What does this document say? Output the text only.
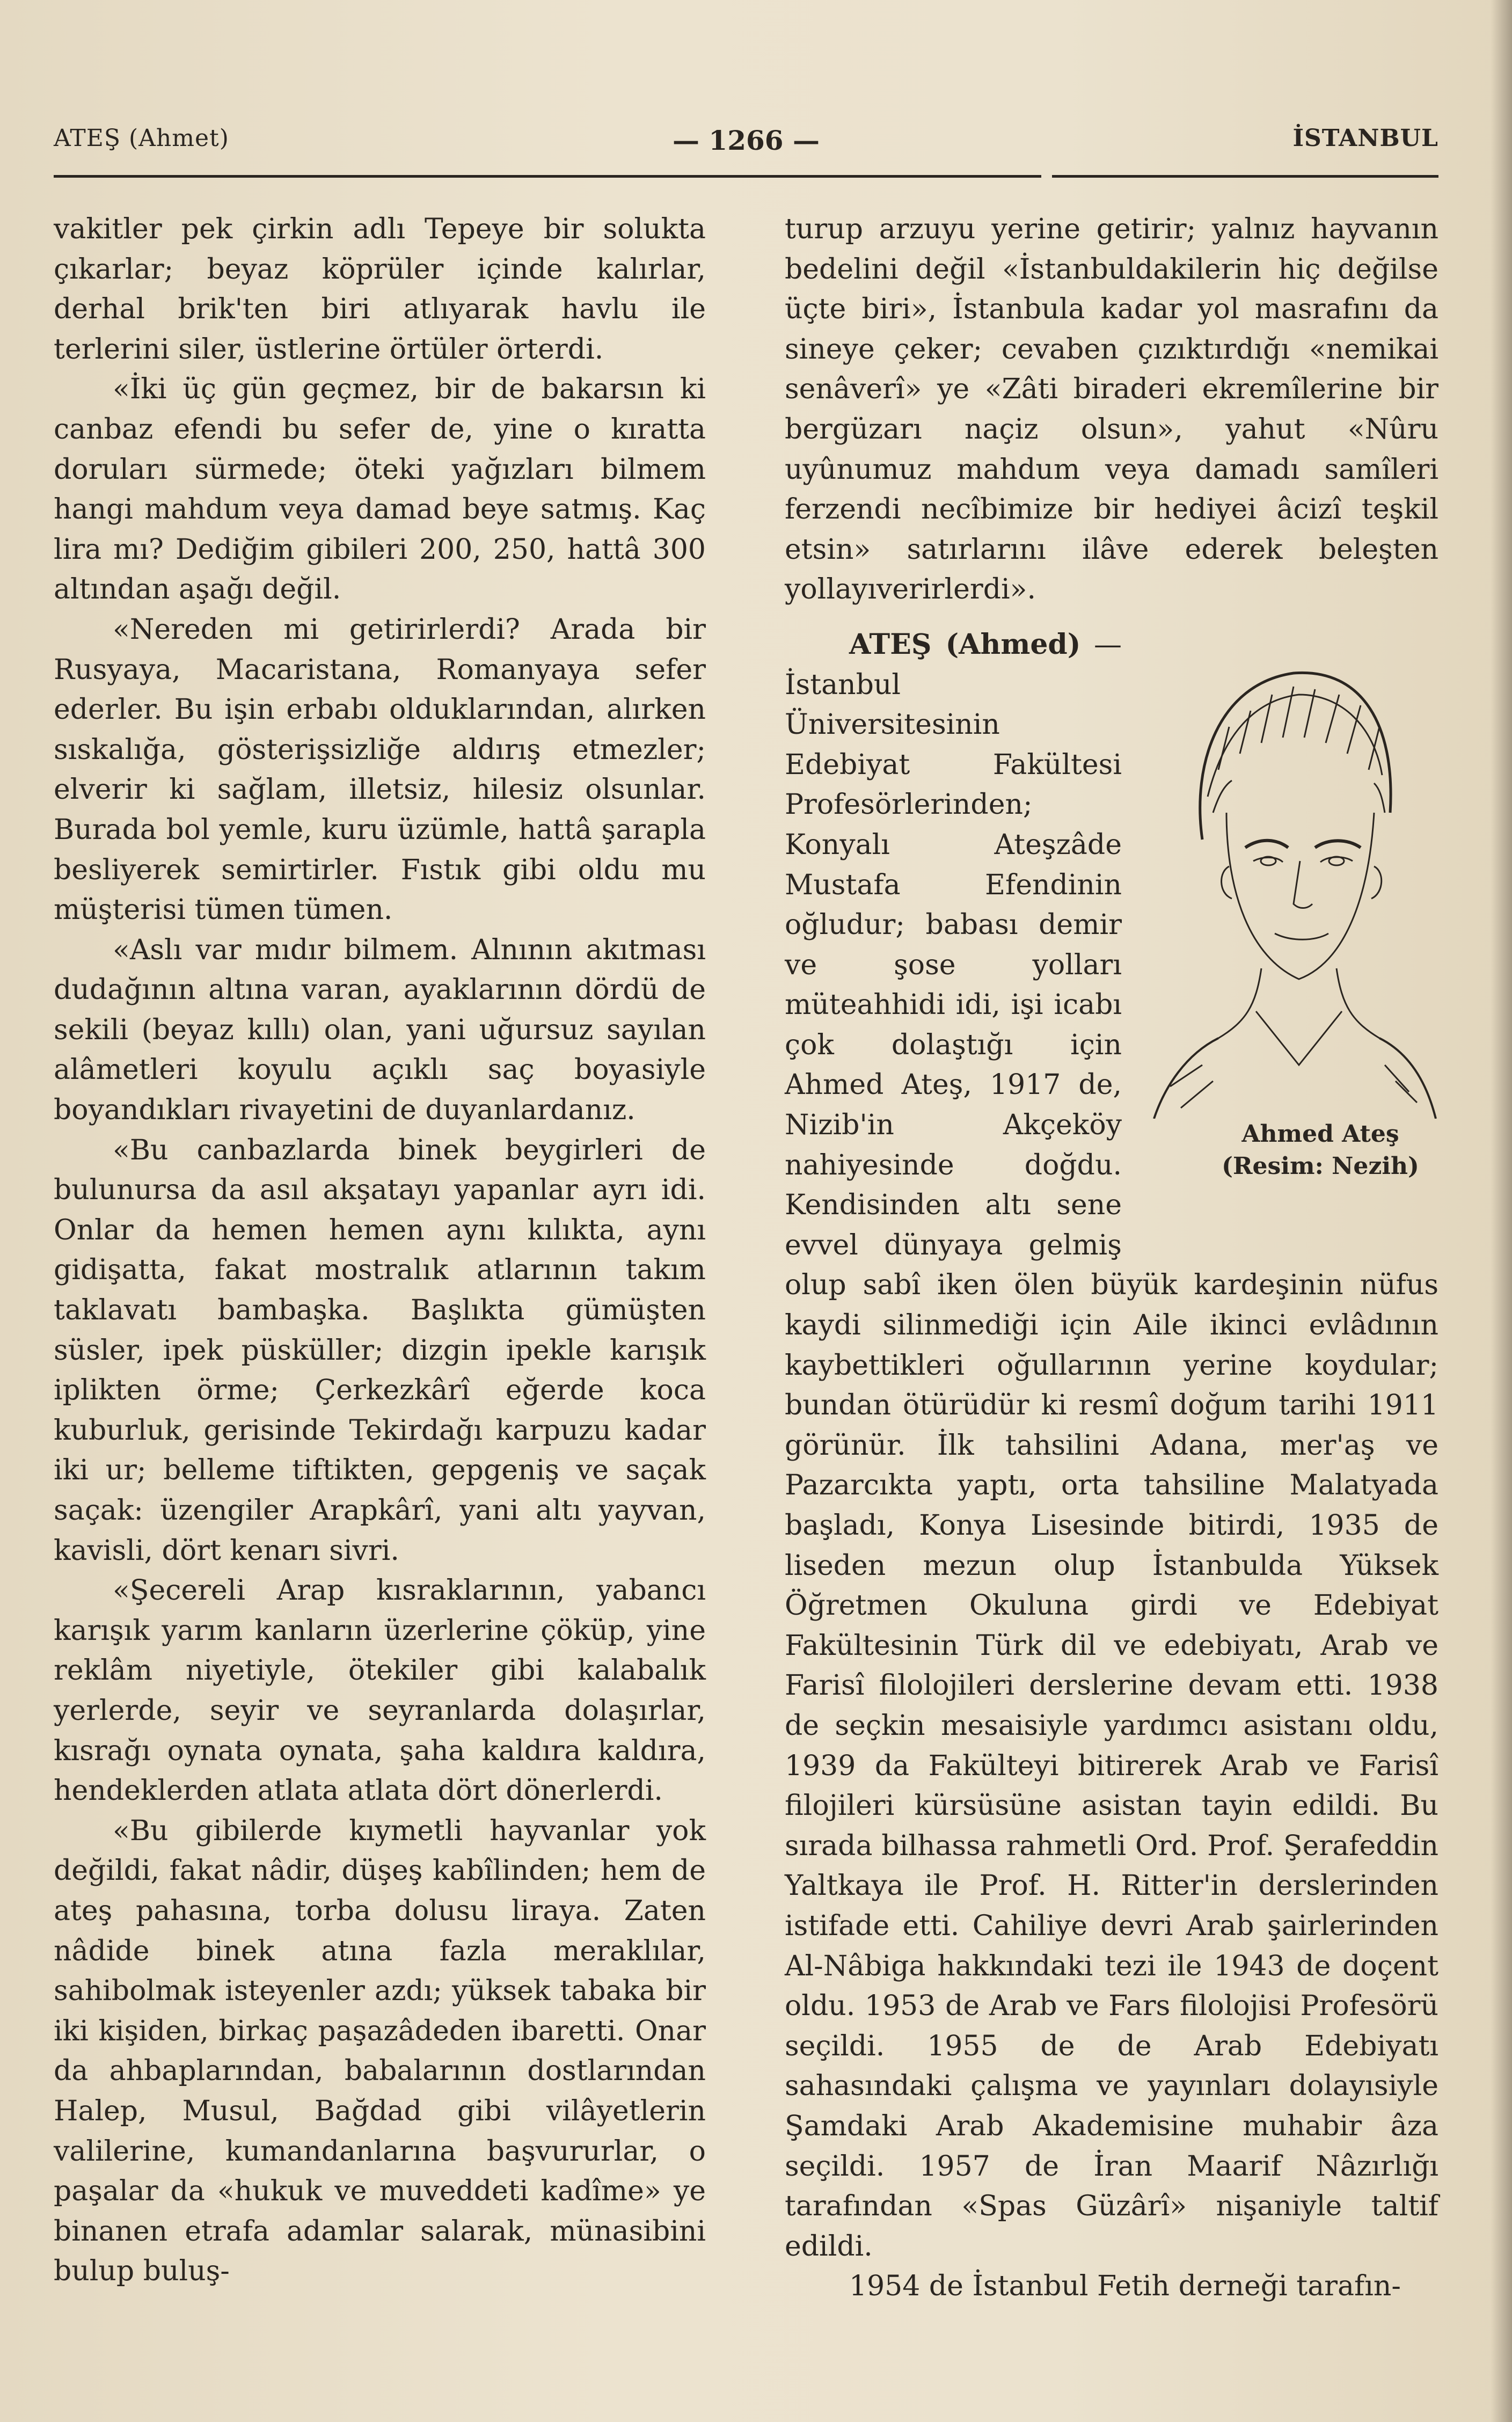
ATEŞ (Ahmet)	— 1266 —	İSTANBUL

vakitler pek çirkin adlı Tepeye bir solukta çıkarlar; beyaz köprüler içinde kalırlar, derhal brik'ten biri atlıyarak havlu ile terlerini siler, üstlerine örtüler örterdi.

«İki üç gün geçmez, bir de bakarsın ki canbaz efendi bu sefer de, yine o kıratta doruları sürmede; öteki yağızları bilmem hangi mahdum veya damad beye satmış. Kaç lira mı? Dediğim gibileri 200, 250, hattâ 300 altından aşağı değil.

«Nereden mi getirirlerdi? Arada bir Rusyaya, Macaristana, Romanyaya sefer ederler. Bu işin erbabı olduklarından, alırken sıskalığa, gösterişsizliğe aldırış etmezler; elverir ki sağlam, illetsiz, hilesiz olsunlar. Burada bol yemle, kuru üzümle, hattâ şarapla besliyerek semirtirler. Fıstık gibi oldu mu müşterisi tümen tümen.

«Aslı var mıdır bilmem. Alnının akıtması dudağının altına varan, ayaklarının dördü de sekili (beyaz kıllı) olan, yani uğursuz sayılan alâmetleri koyulu açıklı saç boyasiyle boyandıkları rivayetini de duyanlardanız.

«Bu canbazlarda binek beygirleri de bulunursa da asıl akşatayı yapanlar ayrı idi. Onlar da hemen hemen aynı kılıkta, aynı gidişatta, fakat mostralık atlarının takım taklavatı bambaşka. Başlıkta gümüşten süsler, ipek püsküller; dizgin ipekle karışık iplikten örme; Çerkezkârî eğerde koca kuburluk, gerisinde Tekirdağı karpuzu kadar iki ur; belleme tiftikten, gepgeniş ve saçak saçak: üzengiler Arapkârî, yani altı yayvan, kavisli, dört kenarı sivri.

«Şecereli Arap kısraklarının, yabancı karışık yarım kanların üzerlerine çöküp, yine reklâm niyetiyle, ötekiler gibi kalabalık yerlerde, seyir ve seyranlarda dolaşırlar, kısrağı oynata oynata, şaha kaldıra kaldıra, hendeklerden atlata atlata dört dönerlerdi.

«Bu gibilerde kıymetli hayvanlar yok değildi, fakat nâdir, düşeş kabîlinden; hem de ateş pahasına, torba dolusu liraya. Zaten nâdide binek atına fazla meraklılar, sahibolmak isteyenler azdı; yüksek tabaka bir iki kişiden, birkaç paşazâdeden ibaretti. Onar da ahbaplarından, babalarının dostlarından Halep, Musul, Bağdad gibi vilâyetlerin valilerine, kumandanlarına başvururlar, o paşalar da «hukuk ve muveddeti kadîme» ye binanen etrafa adamlar salarak, münasibini bulup buluş-

turup arzuyu yerine getirir; yalnız hayvanın bedelini değil «İstanbuldakilerin hiç değilse üçte biri», İstanbula kadar yol masrafını da sineye çeker; cevaben çızıktırdığı «nemikai senâverî» ye «Zâti biraderi ekremîlerine bir bergüzarı naçiz olsun», yahut «Nûru uyûnumuz mahdum veya damadı samîleri ferzendi necîbimize bir hediyei âcizî teşkil etsin» satırlarını ilâve ederek beleşten yollayıverirlerdi».

ATEŞ (Ahmed)
Ahmed Ateş
(Resim: Nezih)
— İstanbul Üniversitesinin Edebiyat Fakültesi Profesörlerinden; Konyalı Ateşzâde Mustafa Efendinin oğludur; babası demir ve şose yolları müteahhidi idi, işi icabı çok dolaştığı için Ahmed Ateş, 1917 de, Nizib'in Akçeköy nahiyesinde doğdu. Kendisinden altı sene evvel dünyaya gelmiş olup sabî iken ölen büyük kardeşinin nüfus kaydi silinmediği için Aile ikinci evlâdının kaybettikleri oğullarının yerine koydular; bundan ötürüdür ki resmî doğum tarihi 1911 görünür. İlk tahsilini Adana, mer'aş ve Pazarcıkta yaptı, orta tahsiline Malatyada başladı, Konya Lisesinde bitirdi, 1935 de liseden mezun olup İstanbulda Yüksek Öğretmen Okuluna girdi ve Edebiyat Fakültesinin Türk dil ve edebiyatı, Arab ve Farisî filolojileri derslerine devam etti. 1938 de seçkin mesaisiyle yardımcı asistanı oldu, 1939 da Fakülteyi bitirerek Arab ve Farisî filojileri kürsüsüne asistan tayin edildi. Bu sırada bilhassa rahmetli Ord. Prof. Şerafeddin Yaltkaya ile Prof. H. Ritter'in derslerinden istifade etti. Cahiliye devri Arab şairlerinden Al-Nâbiga hakkındaki tezi ile 1943 de doçent oldu. 1953 de Arab ve Fars filolojisi Profesörü seçildi. 1955 de de Arab Edebiyatı sahasındaki çalışma ve yayınları dolayısiyle Şamdaki Arab Akademisine muhabir âza seçildi. 1957 de İran Maarif Nâzırlığı tarafından «Spas Güzârî» nişaniyle taltif edildi.

1954 de İstanbul Fetih derneği tarafın-
